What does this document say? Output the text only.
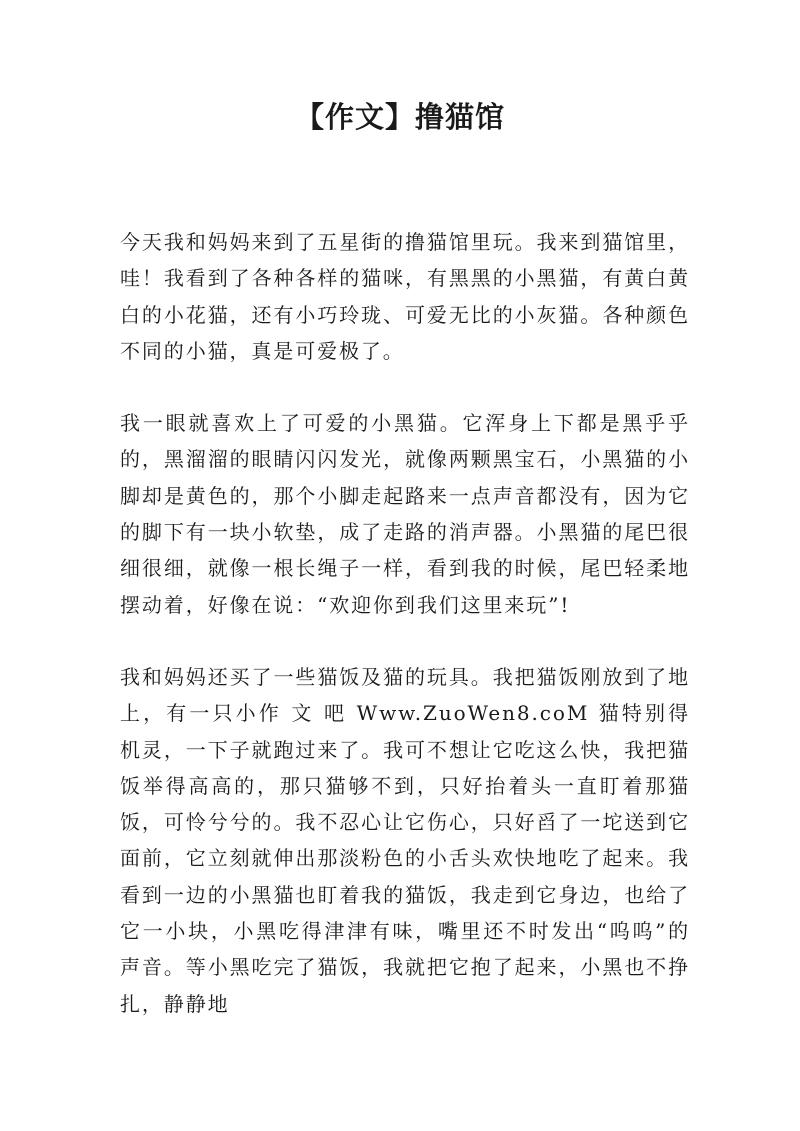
【作文】撸猫馆

今天我和妈妈来到了五星街的撸猫馆里玩。我来到猫馆里，哇！我看到了各种各样的猫咪，有黑黑的小黑猫，有黄白黄白的小花猫，还有小巧玲珑、可爱无比的小灰猫。各种颜色不同的小猫，真是可爱极了。

我一眼就喜欢上了可爱的小黑猫。它浑身上下都是黑乎乎的，黑溜溜的眼睛闪闪发光，就像两颗黑宝石，小黑猫的小脚却是黄色的，那个小脚走起路来一点声音都没有，因为它的脚下有一块小软垫，成了走路的消声器。小黑猫的尾巴很细很细，就像一根长绳子一样，看到我的时候，尾巴轻柔地摆动着，好像在说：“欢迎你到我们这里来玩”!

我和妈妈还买了一些猫饭及猫的玩具。我把猫饭刚放到了地上，有一只小作 文 吧 Www.ZuoWen8.coM 猫特别得机灵，一下子就跑过来了。我可不想让它吃这么快，我把猫饭举得高高的，那只猫够不到，只好抬着头一直盯着那猫饭，可怜兮兮的。我不忍心让它伤心，只好舀了一坨送到它面前，它立刻就伸出那淡粉色的小舌头欢快地吃了起来。我看到一边的小黑猫也盯着我的猫饭，我走到它身边，也给了它一小块，小黑吃得津津有味，嘴里还不时发出“呜呜”的声音。等小黑吃完了猫饭，我就把它抱了起来，小黑也不挣扎，静静地
